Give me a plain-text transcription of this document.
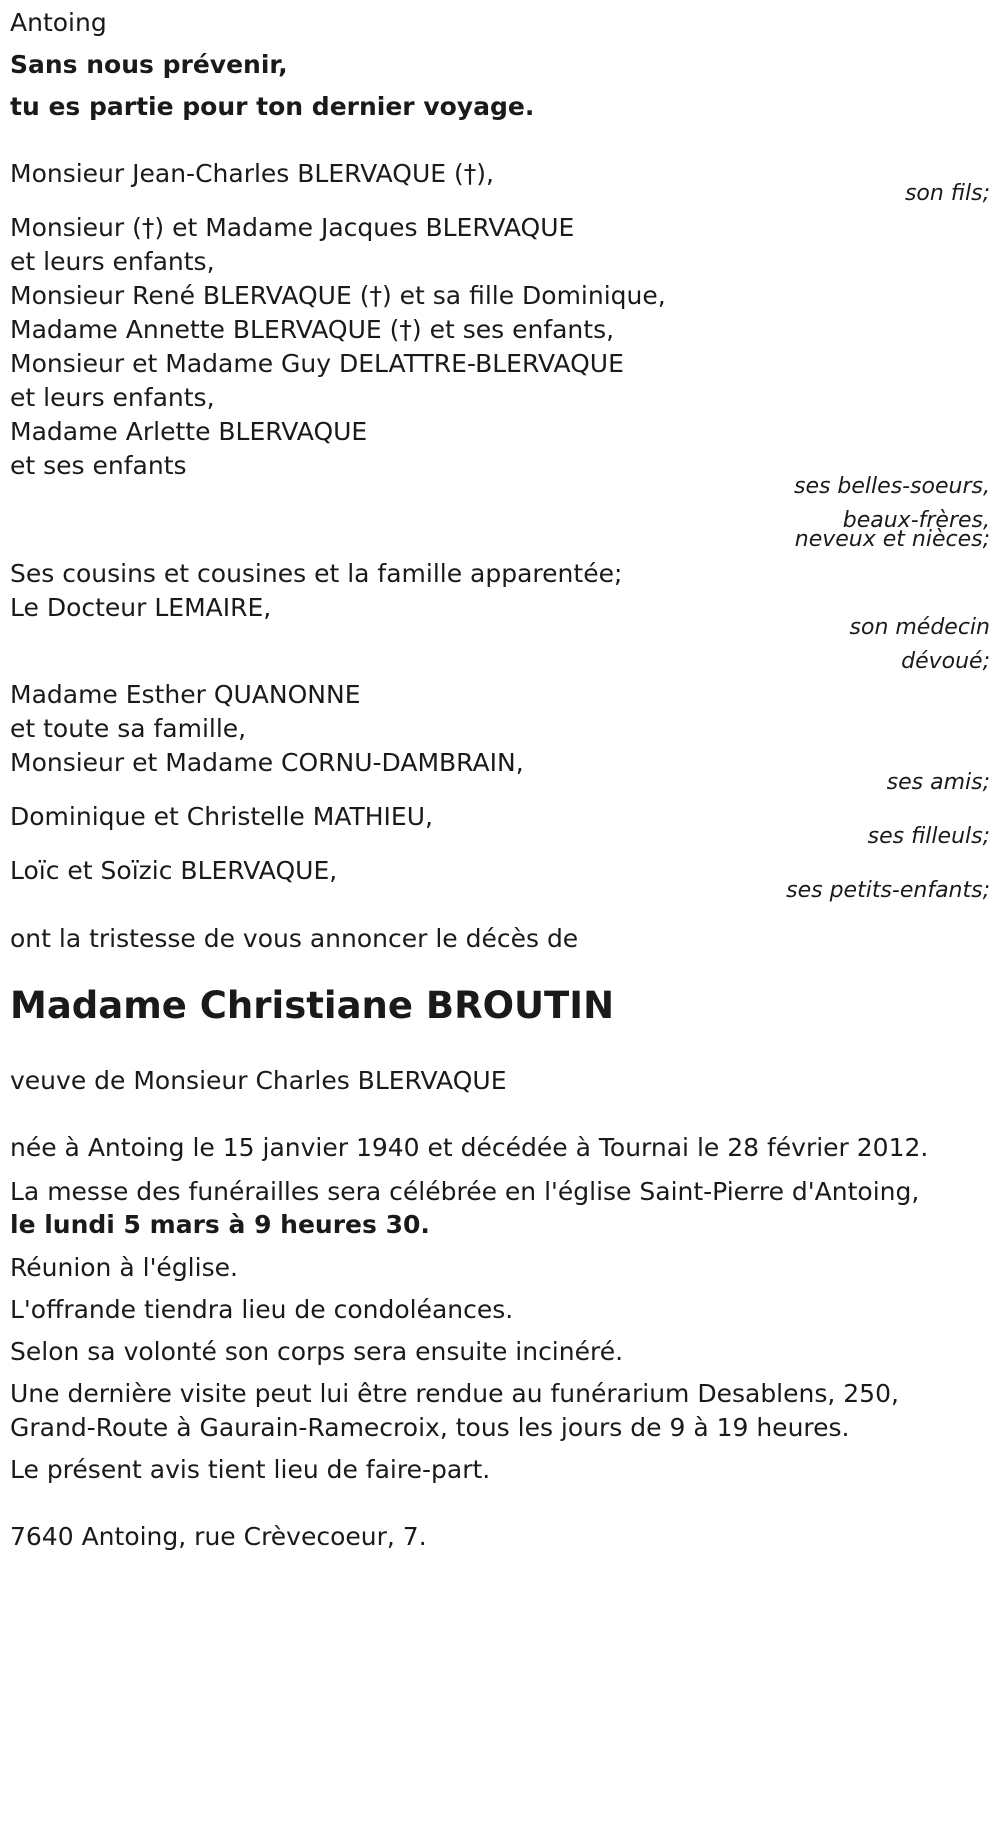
Antoing
Sans nous prévenir,
tu es partie pour ton dernier voyage.
Monsieur Jean-Charles BLERVAQUE (†),
son fils;
Monsieur (†) et Madame Jacques BLERVAQUE
et leurs enfants,
Monsieur René BLERVAQUE (†) et sa fille Dominique,
Madame Annette BLERVAQUE (†) et ses enfants,
Monsieur et Madame Guy DELATTRE-BLERVAQUE
et leurs enfants,
Madame Arlette BLERVAQUE
et ses enfants
ses belles-soeurs,
beaux-frères,
neveux et nièces;
Ses cousins et cousines et la famille apparentée;
Le Docteur LEMAIRE,
son médecin
dévoué;
Madame Esther QUANONNE
et toute sa famille,
Monsieur et Madame CORNU-DAMBRAIN,
ses amis;
Dominique et Christelle MATHIEU,
ses filleuls;
Loïc et Soïzic BLERVAQUE,
ses petits-enfants;
ont la tristesse de vous annoncer le décès de
Madame Christiane BROUTIN
veuve de Monsieur Charles BLERVAQUE
née à Antoing le 15 janvier 1940 et décédée à Tournai le 28 février 2012.
La messe des funérailles sera célébrée en l'église Saint-Pierre d'Antoing,
le lundi 5 mars à 9 heures 30.
Réunion à l'église.
L'offrande tiendra lieu de condoléances.
Selon sa volonté son corps sera ensuite incinéré.
Une dernière visite peut lui être rendue au funérarium Desablens, 250,
Grand-Route à Gaurain-Ramecroix, tous les jours de 9 à 19 heures.
Le présent avis tient lieu de faire-part.
7640 Antoing, rue Crèvecoeur, 7.
